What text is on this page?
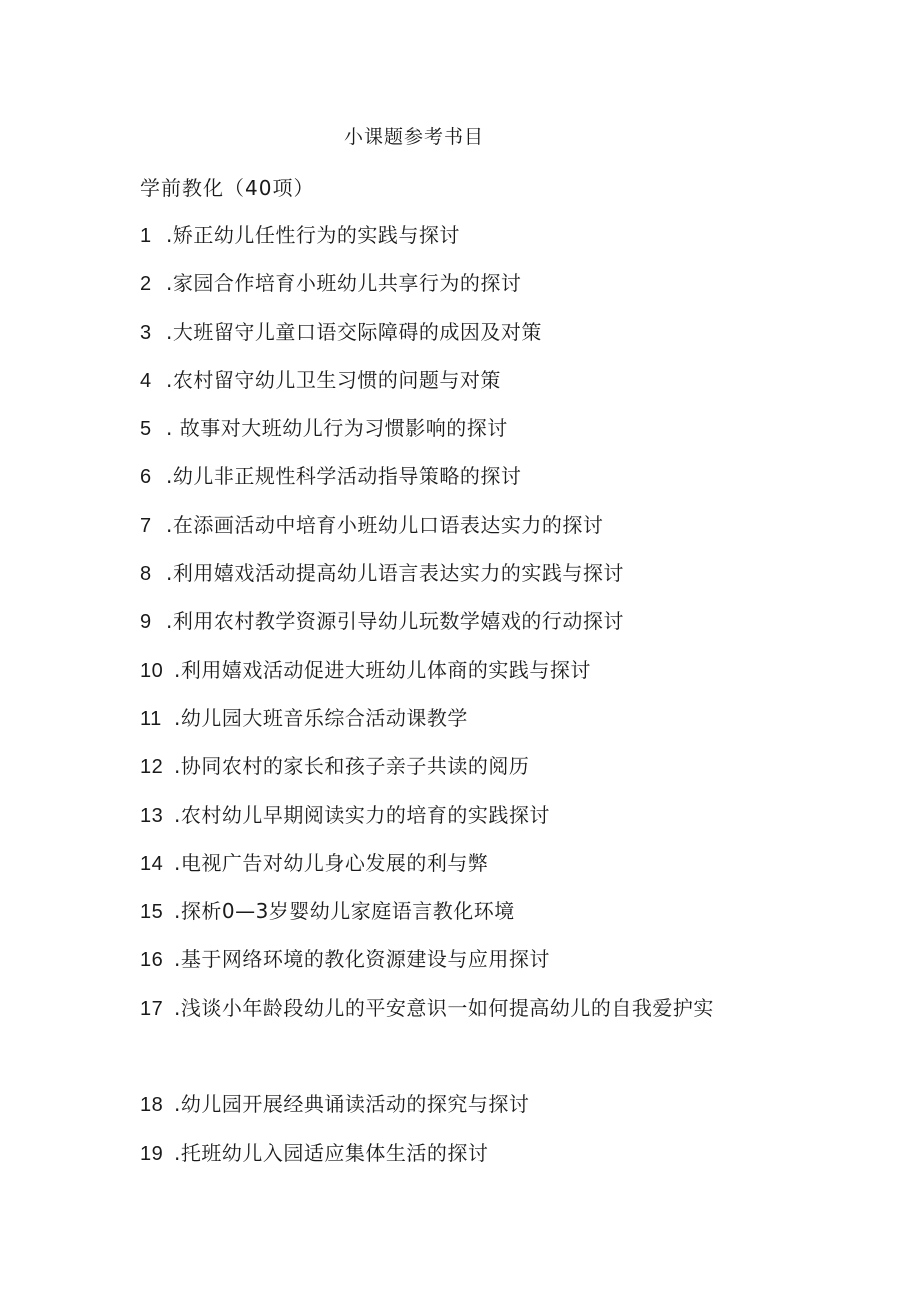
小课题参考书目
学前教化（40项）
1 .矫正幼儿任性行为的实践与探讨
2 .家园合作培育小班幼儿共享行为的探讨
3 .大班留守儿童口语交际障碍的成因及对策
4 .农村留守幼儿卫生习惯的问题与对策
5 . 故事对大班幼儿行为习惯影响的探讨
6 .幼儿非正规性科学活动指导策略的探讨
7 .在添画活动中培育小班幼儿口语表达实力的探讨
8 .利用嬉戏活动提高幼儿语言表达实力的实践与探讨
9 .利用农村教学资源引导幼儿玩数学嬉戏的行动探讨
10 .利用嬉戏活动促进大班幼儿体商的实践与探讨
11 .幼儿园大班音乐综合活动课教学
12 .协同农村的家长和孩子亲子共读的阅历
13 .农村幼儿早期阅读实力的培育的实践探讨
14 .电视广告对幼儿身心发展的利与弊
15 .探析0—3岁婴幼儿家庭语言教化环境
16 .基于网络环境的教化资源建设与应用探讨
17 .浅谈小年龄段幼儿的平安意识一如何提高幼儿的自我爱护实
18 .幼儿园开展经典诵读活动的探究与探讨
19 .托班幼儿入园适应集体生活的探讨
